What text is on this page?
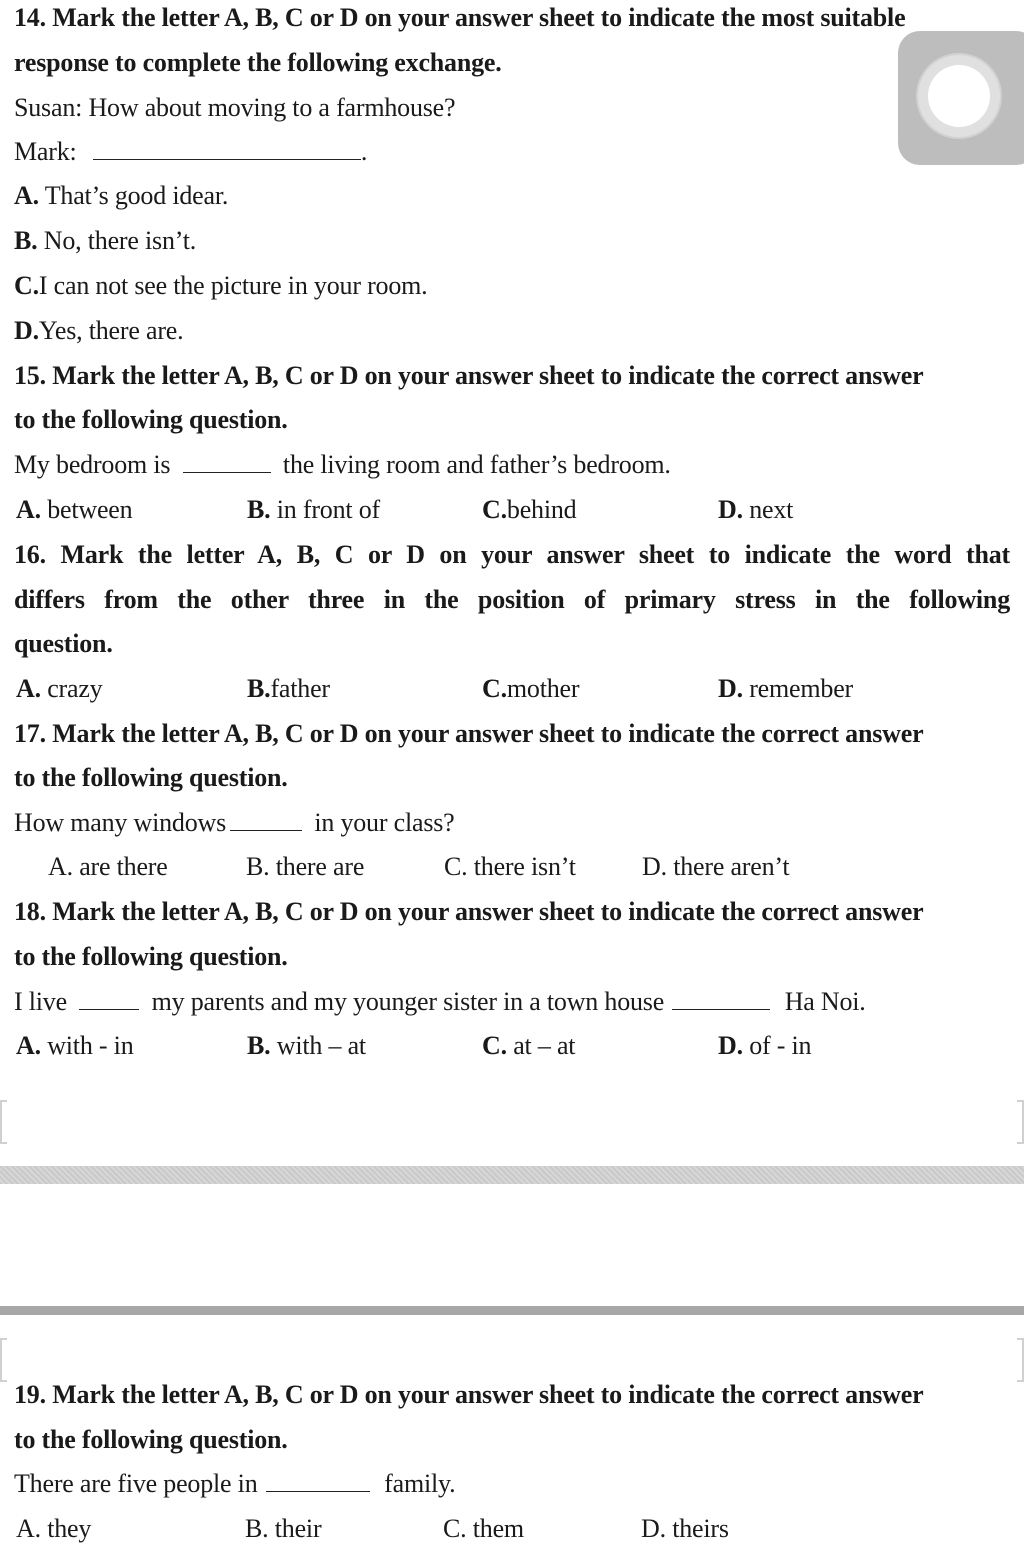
14. Mark the letter A, B, C or D on your answer sheet to indicate the most suitable
response to complete the following exchange.
Susan: How about moving to a farmhouse?
Mark:	.
A. That’s good idear.
B. No, there isn’t.
C.I can not see the picture in your room.
D.Yes, there are.
15. Mark the letter A, B, C or D on your answer sheet to indicate the correct answer
to the following question.
My bedroom is	the living room and father’s bedroom.
A. between	B. in front of	C.behind	D. next
16. Mark the letter A, B, C or D on your answer sheet to indicate the word that
differs from the other three in the position of primary stress in the following
question.
A. crazy	B.father	C.mother	D. remember
17. Mark the letter A, B, C or D on your answer sheet to indicate the correct answer
to the following question.
How many windows	in your class?
A. are there	B. there are	C. there isn’t	D. there aren’t
18. Mark the letter A, B, C or D on your answer sheet to indicate the correct answer
to the following question.
I live	my parents and my younger sister in a town house	Ha Noi.
A. with - in	B. with – at	C. at – at	D. of - in
19. Mark the letter A, B, C or D on your answer sheet to indicate the correct answer
to the following question.
There are five people in	family.
A. they	B. their	C. them	D. theirs
